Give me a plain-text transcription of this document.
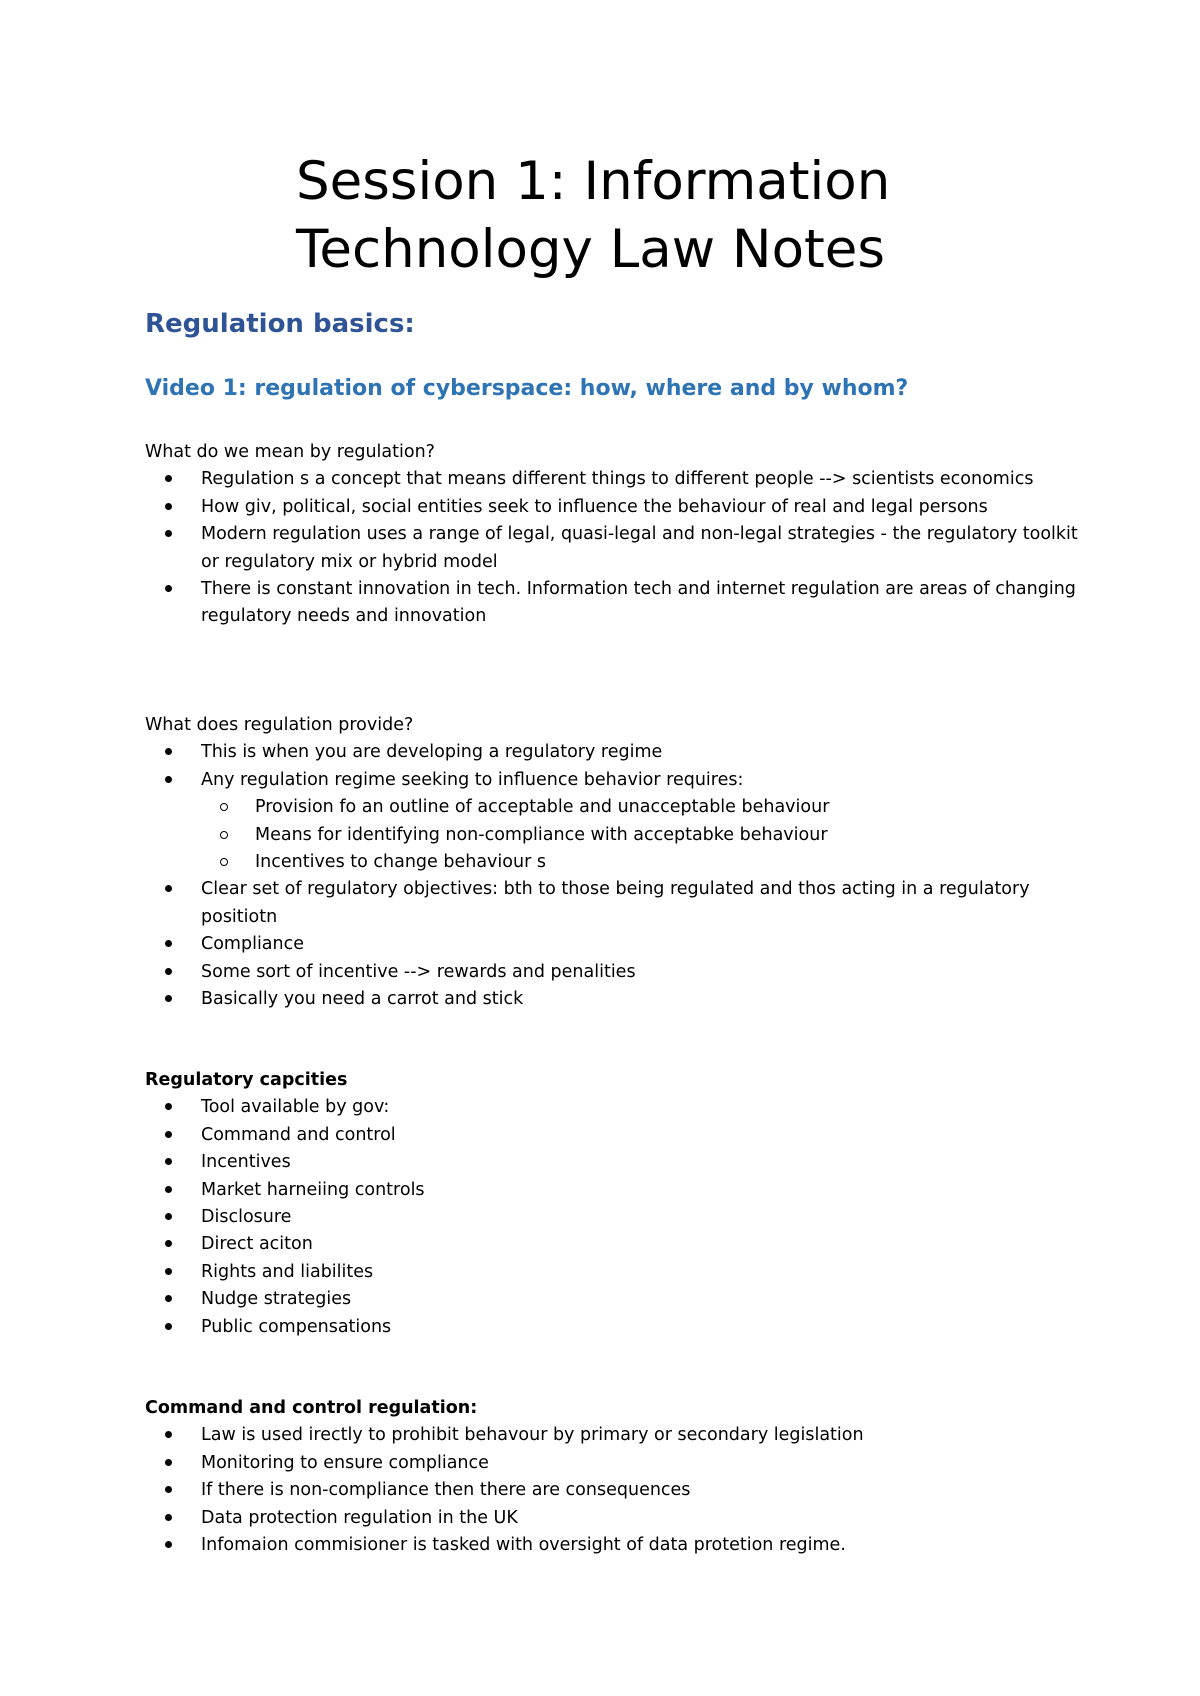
Session 1: Information
Technology Law Notes
Regulation basics:
Video 1: regulation of cyberspace: how, where and by whom?

What do we mean by regulation?

Regulation s a concept that means different things to different people --> scientists economics
How giv, political, social entities seek to influence the behaviour of real and legal persons
Modern regulation uses a range of legal, quasi-legal and non-legal strategies - the regulatory toolkit or regulatory mix or hybrid model
There is constant innovation in tech. Information tech and internet regulation are areas of changing regulatory needs and innovation

What does regulation provide?

This is when you are developing a regulatory regime
Any regulation regime seeking to influence behavior requires:
Provision fo an outline of acceptable and unacceptable behaviour
Means for identifying non-compliance with acceptabke behaviour
Incentives to change behaviour s
Clear set of regulatory objectives: bth to those being regulated and thos acting in a regulatory positiotn
Compliance
Some sort of incentive --> rewards and penalities
Basically you need a carrot and stick

Regulatory capcities

Tool available by gov:
Command and control
Incentives
Market harneiing controls
Disclosure
Direct aciton
Rights and liabilites
Nudge strategies
Public compensations

Command and control regulation:

Law is used irectly to prohibit behavour by primary or secondary legislation
Monitoring to ensure compliance
If there is non-compliance then there are consequences
Data protection regulation in the UK
Infomaion commisioner is tasked with oversight of data protetion regime.
